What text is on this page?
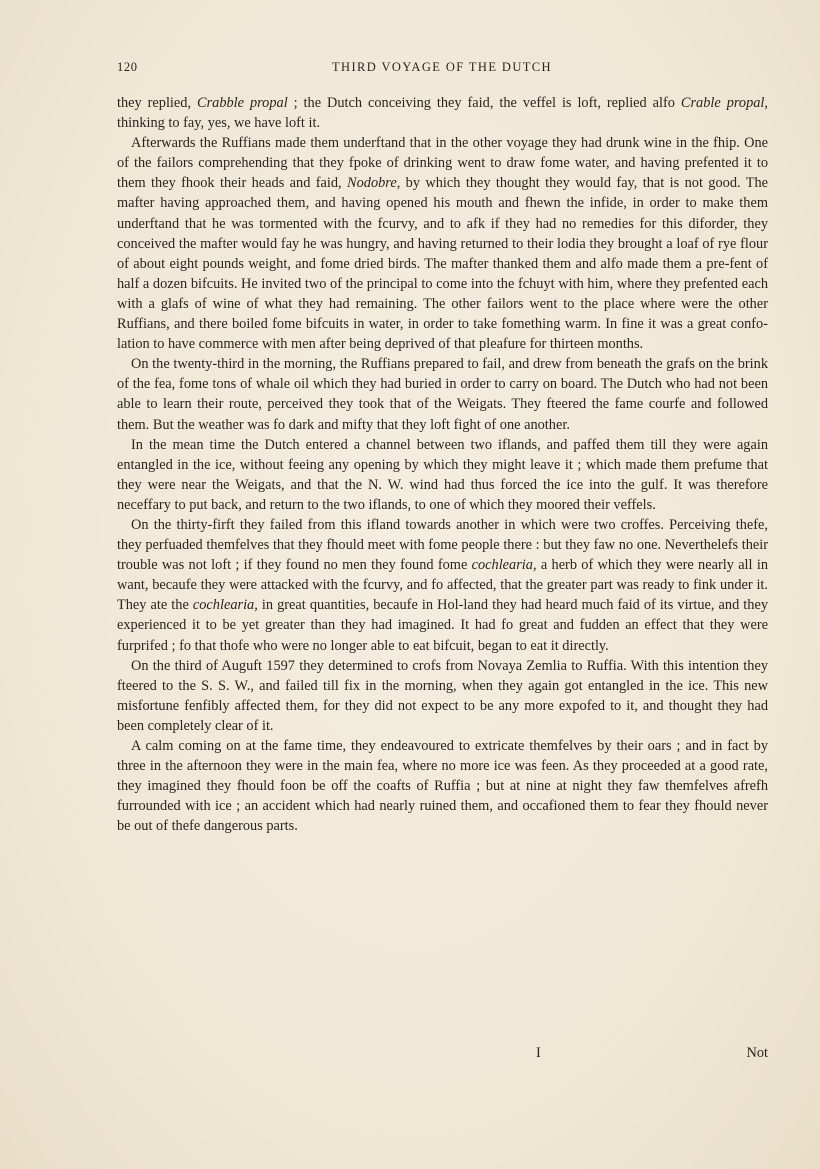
120	THIRD VOYAGE OF THE DUTCH

they replied, Crabble propal ; the Dutch conceiving they faid, the veffel is loft, replied alfo Crable propal, thinking to fay, yes, we have loft it.

Afterwards the Ruffians made them underftand that in the other voyage they had drunk wine in the fhip. One of the failors comprehending that they fpoke of drinking went to draw fome water, and having prefented it to them they fhook their heads and faid, Nodobre, by which they thought they would fay, that is not good. The mafter having approached them, and having opened his mouth and fhewn the infide, in order to make them underftand that he was tormented with the fcurvy, and to afk if they had no remedies for this diforder, they conceived the mafter would fay he was hungry, and having returned to their lodia they brought a loaf of rye flour of about eight pounds weight, and fome dried birds. The mafter thanked them and alfo made them a pre-fent of half a dozen bifcuits. He invited two of the principal to come into the fchuyt with him, where they prefented each with a glafs of wine of what they had remaining. The other failors went to the place where were the other Ruffians, and there boiled fome bifcuits in water, in order to take fomething warm. In fine it was a great confo-lation to have commerce with men after being deprived of that pleafure for thirteen months.

On the twenty-third in the morning, the Ruffians prepared to fail, and drew from beneath the grafs on the brink of the fea, fome tons of whale oil which they had buried in order to carry on board. The Dutch who had not been able to learn their route, perceived they took that of the Weigats. They fteered the fame courfe and followed them. But the weather was fo dark and mifty that they loft fight of one another.

In the mean time the Dutch entered a channel between two iflands, and paffed them till they were again entangled in the ice, without feeing any opening by which they might leave it ; which made them prefume that they were near the Weigats, and that the N. W. wind had thus forced the ice into the gulf. It was therefore neceffary to put back, and return to the two iflands, to one of which they moored their veffels.

On the thirty-firft they failed from this ifland towards another in which were two croffes. Perceiving thefe, they perfuaded themfelves that they fhould meet with fome people there : but they faw no one. Neverthelefs their trouble was not loft ; if they found no men they found fome cochlearia, a herb of which they were nearly all in want, becaufe they were attacked with the fcurvy, and fo affected, that the greater part was ready to fink under it. They ate the cochlearia, in great quantities, becaufe in Hol-land they had heard much faid of its virtue, and they experienced it to be yet greater than they had imagined. It had fo great and fudden an effect that they were furprifed ; fo that thofe who were no longer able to eat bifcuit, began to eat it directly.

On the third of Auguft 1597 they determined to crofs from Novaya Zemlia to Ruffia. With this intention they fteered to the S. S. W., and failed till fix in the morning, when they again got entangled in the ice. This new misfortune fenfibly affected them, for they did not expect to be any more expofed to it, and thought they had been completely clear of it.

A calm coming on at the fame time, they endeavoured to extricate themfelves by their oars ; and in fact by three in the afternoon they were in the main fea, where no more ice was feen. As they proceeded at a good rate, they imagined they fhould foon be off the coafts of Ruffia ; but at nine at night they faw themfelves afrefh furrounded with ice ; an accident which had nearly ruined them, and occafioned them to fear they fhould never be out of thefe dangerous parts.

I	Not
